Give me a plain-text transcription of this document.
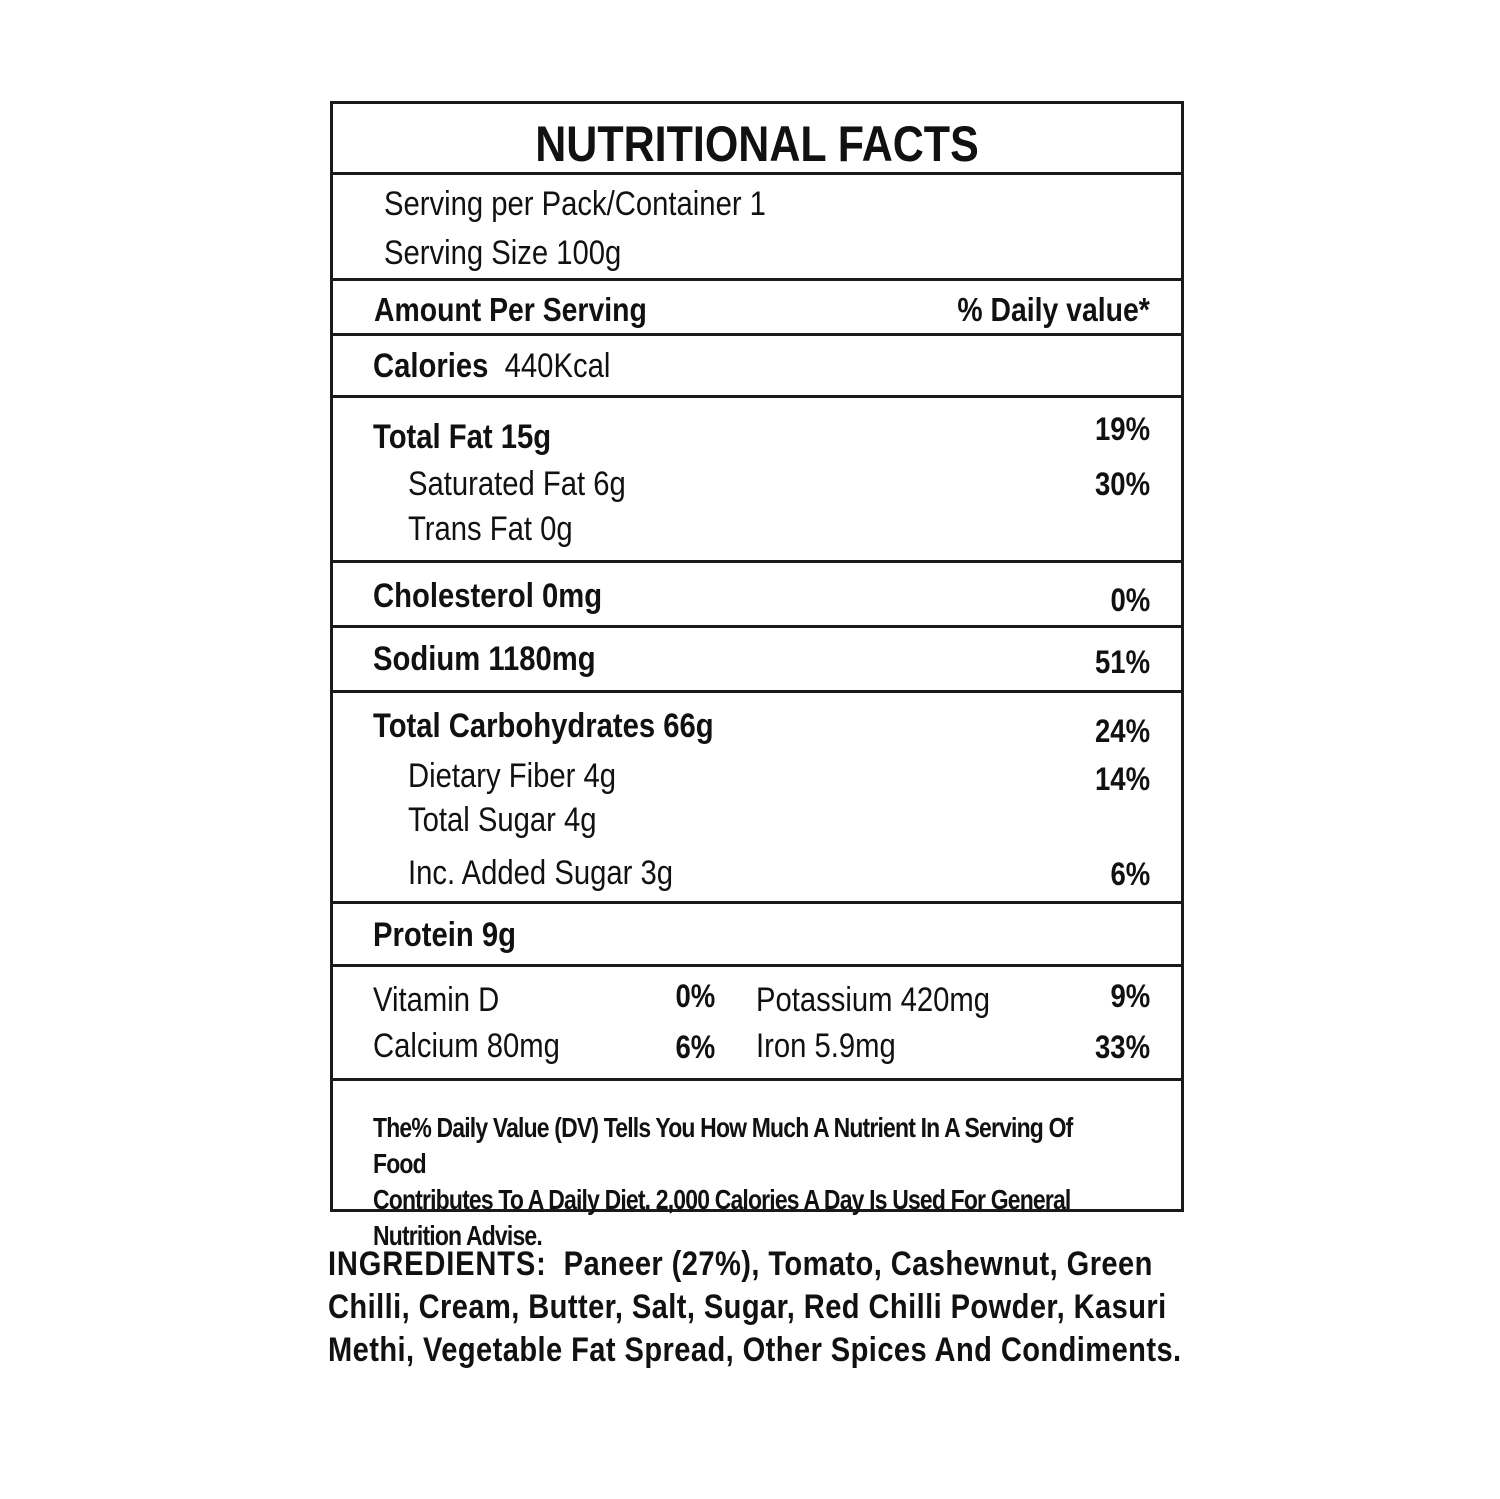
NUTRITIONAL FACTS
Serving per Pack/Container 1
Serving Size 100g
Amount Per Serving	% Daily value*
Calories 440Kcal
Total Fat 15g	19%
Saturated Fat 6g	30%
Trans Fat 0g
Cholesterol 0mg	0%
Sodium 1180mg	51%
Total Carbohydrates 66g	24%
Dietary Fiber 4g	14%
Total Sugar 4g
Inc. Added Sugar 3g	6%
Protein 9g
Vitamin D	0% Potassium 420mg	9%
Calcium 80mg	6% Iron 5.9mg	33%
The% Daily Value (DV) Tells You How Much A Nutrient In A Serving Of Food
Contributes To A Daily Diet. 2,000 Calories A Day Is Used For General
Nutrition Advise.
INGREDIENTS: Paneer (27%), Tomato, Cashewnut, Green Chilli, Cream, Butter, Salt, Sugar, Red Chilli Powder, Kasuri Methi, Vegetable Fat Spread, Other Spices And Condiments.
